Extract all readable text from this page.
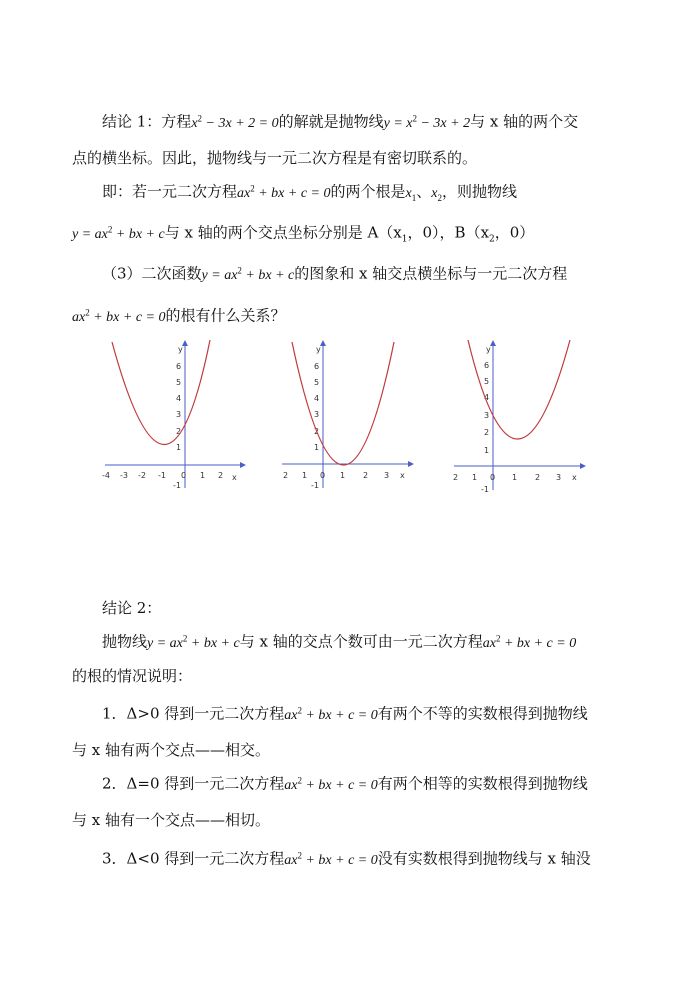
结论 1：方程$x^2 - 3x + 2 = 0$的解就是抛物线$y = x^2 - 3x + 2$与 x 轴的两个交
点的横坐标。因此，抛物线与一元二次方程是有密切联系的。
即：若一元二次方程$ax^2$ + bx + c = 0的两个根是$x_1$、$x_2$，则抛物线
$y = ax^2$ + bx + c与 x 轴的两个交点坐标分别是 $A(x_1$，0），$B(x_2$，0）
（3）二次函数$y = ax^2$ + bx + c的图象和 x 轴交点横坐标与一元二次方程
$ax^2$ + bx + c = 0的根有什么关系？
y
x
6
5
4
3
2
1
-1
-4 -3 -2 -1 0 1 2
y
x
6
5
4
3
2
1
-1
2 1 0 1 2 3
y
x
6
5
4
3
2
1
-1
2 1 0 1 2 3
结论 2：
抛物线$y = ax^2$ + bx + c与 x 轴的交点个数可由一元二次方程$ax^2$ + bx + c = 0
的根的情况说明：
1．Δ>0 得到一元二次方程$ax^2$ + bx + c = 0有两个不等的实数根得到抛物线
与 x 轴有两个交点——相交。
2．Δ=0 得到一元二次方程$ax^2$ + bx + c = 0有两个相等的实数根得到抛物线
与 x 轴有一个交点——相切。
3．Δ<0 得到一元二次方程$ax^2$ + bx + c = 0没有实数根得到抛物线与 x 轴没
